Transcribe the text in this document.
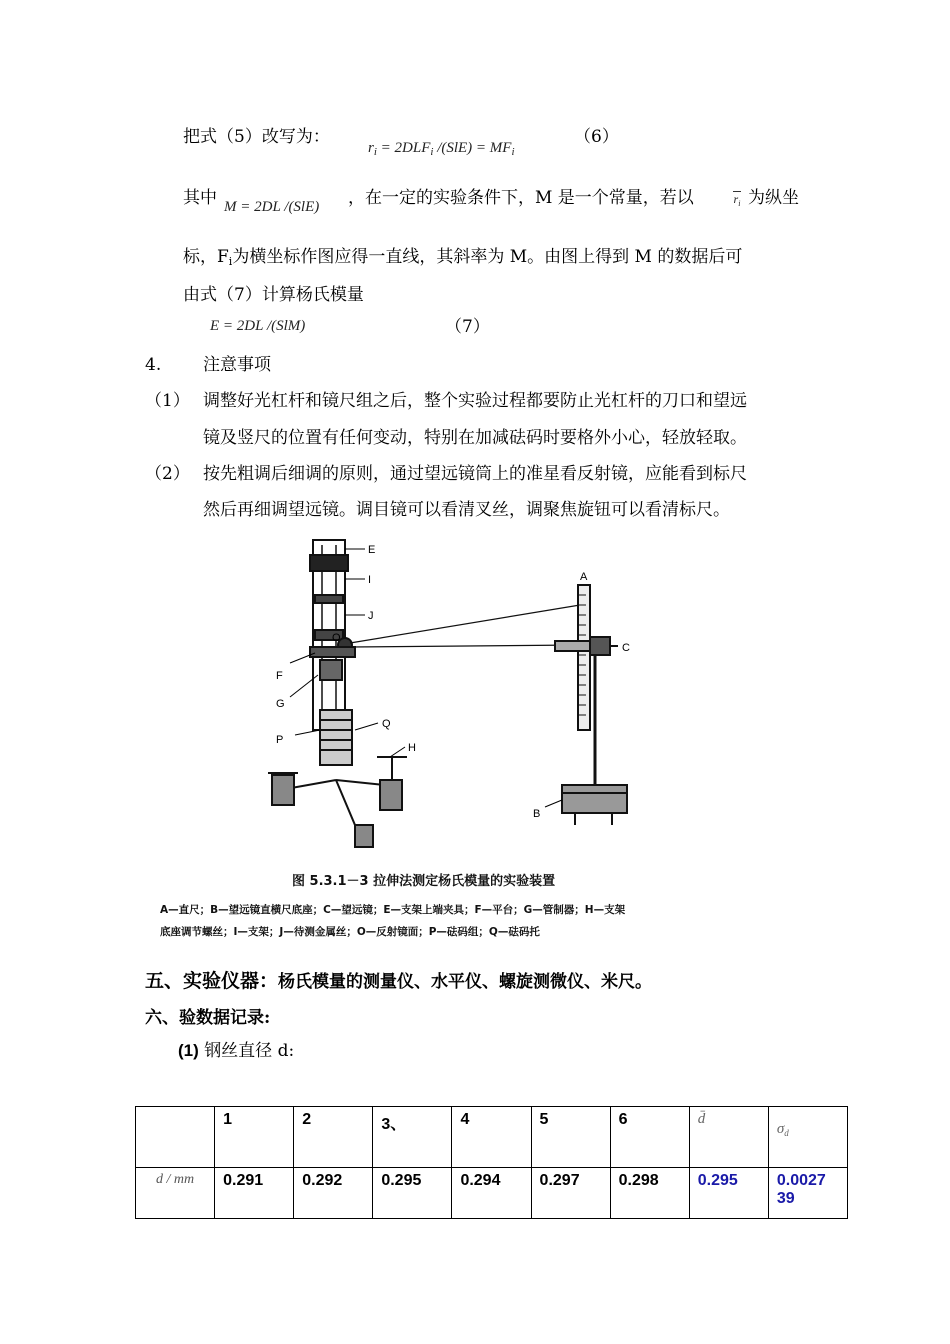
把式（5）改写为：
$r_i = 2DLF_i$ $/(SlE) = MF_i$
（6）
其中 M = 2DL /(SlE) ，在一定的实验条件下，M 是一个常量，若以	$r_i$ 为纵坐
标，$F_i$为横坐标作图应得一直线，其斜率为 M。由图上得到 M 的数据后可
由式（7）计算杨氏模量
E = 2DL /(SlM)	（7）
4. 注意事项
（1） 调整好光杠杆和镜尺组之后，整个实验过程都要防止光杠杆的刀口和望远
镜及竖尺的位置有任何变动，特别在加减砝码时要格外小心，轻放轻取。
（2） 按先粗调后细调的原则，通过望远镜筒上的准星看反射镜，应能看到标尺
然后再细调望远镜。调目镜可以看清叉丝，调聚焦旋钮可以看清标尺。
E
I
J
O
F
G
P
Q
H
A
C
B
图 5.3.1－3 拉伸法测定杨氏模量的实验装置
A—直尺；B—望远镜直横尺底座；C—望远镜；E—支架上端夹具；F—平台；G—管制器；H—支架
底座调节螺丝；I—支架；J—待测金属丝；O—反射镜面；P—砝码组；Q—砝码托
五、实验仪器：杨氏模量的测量仪、水平仪、螺旋测微仪、米尺。
六、验数据记录:
(1) 钢丝直径 d:
	1	2	3、	4	5	6	d̄	$\sigma_d$
d / mm	0.291	0.292	0.295	0.294	0.297	0.298	0.295	0.0027
39
